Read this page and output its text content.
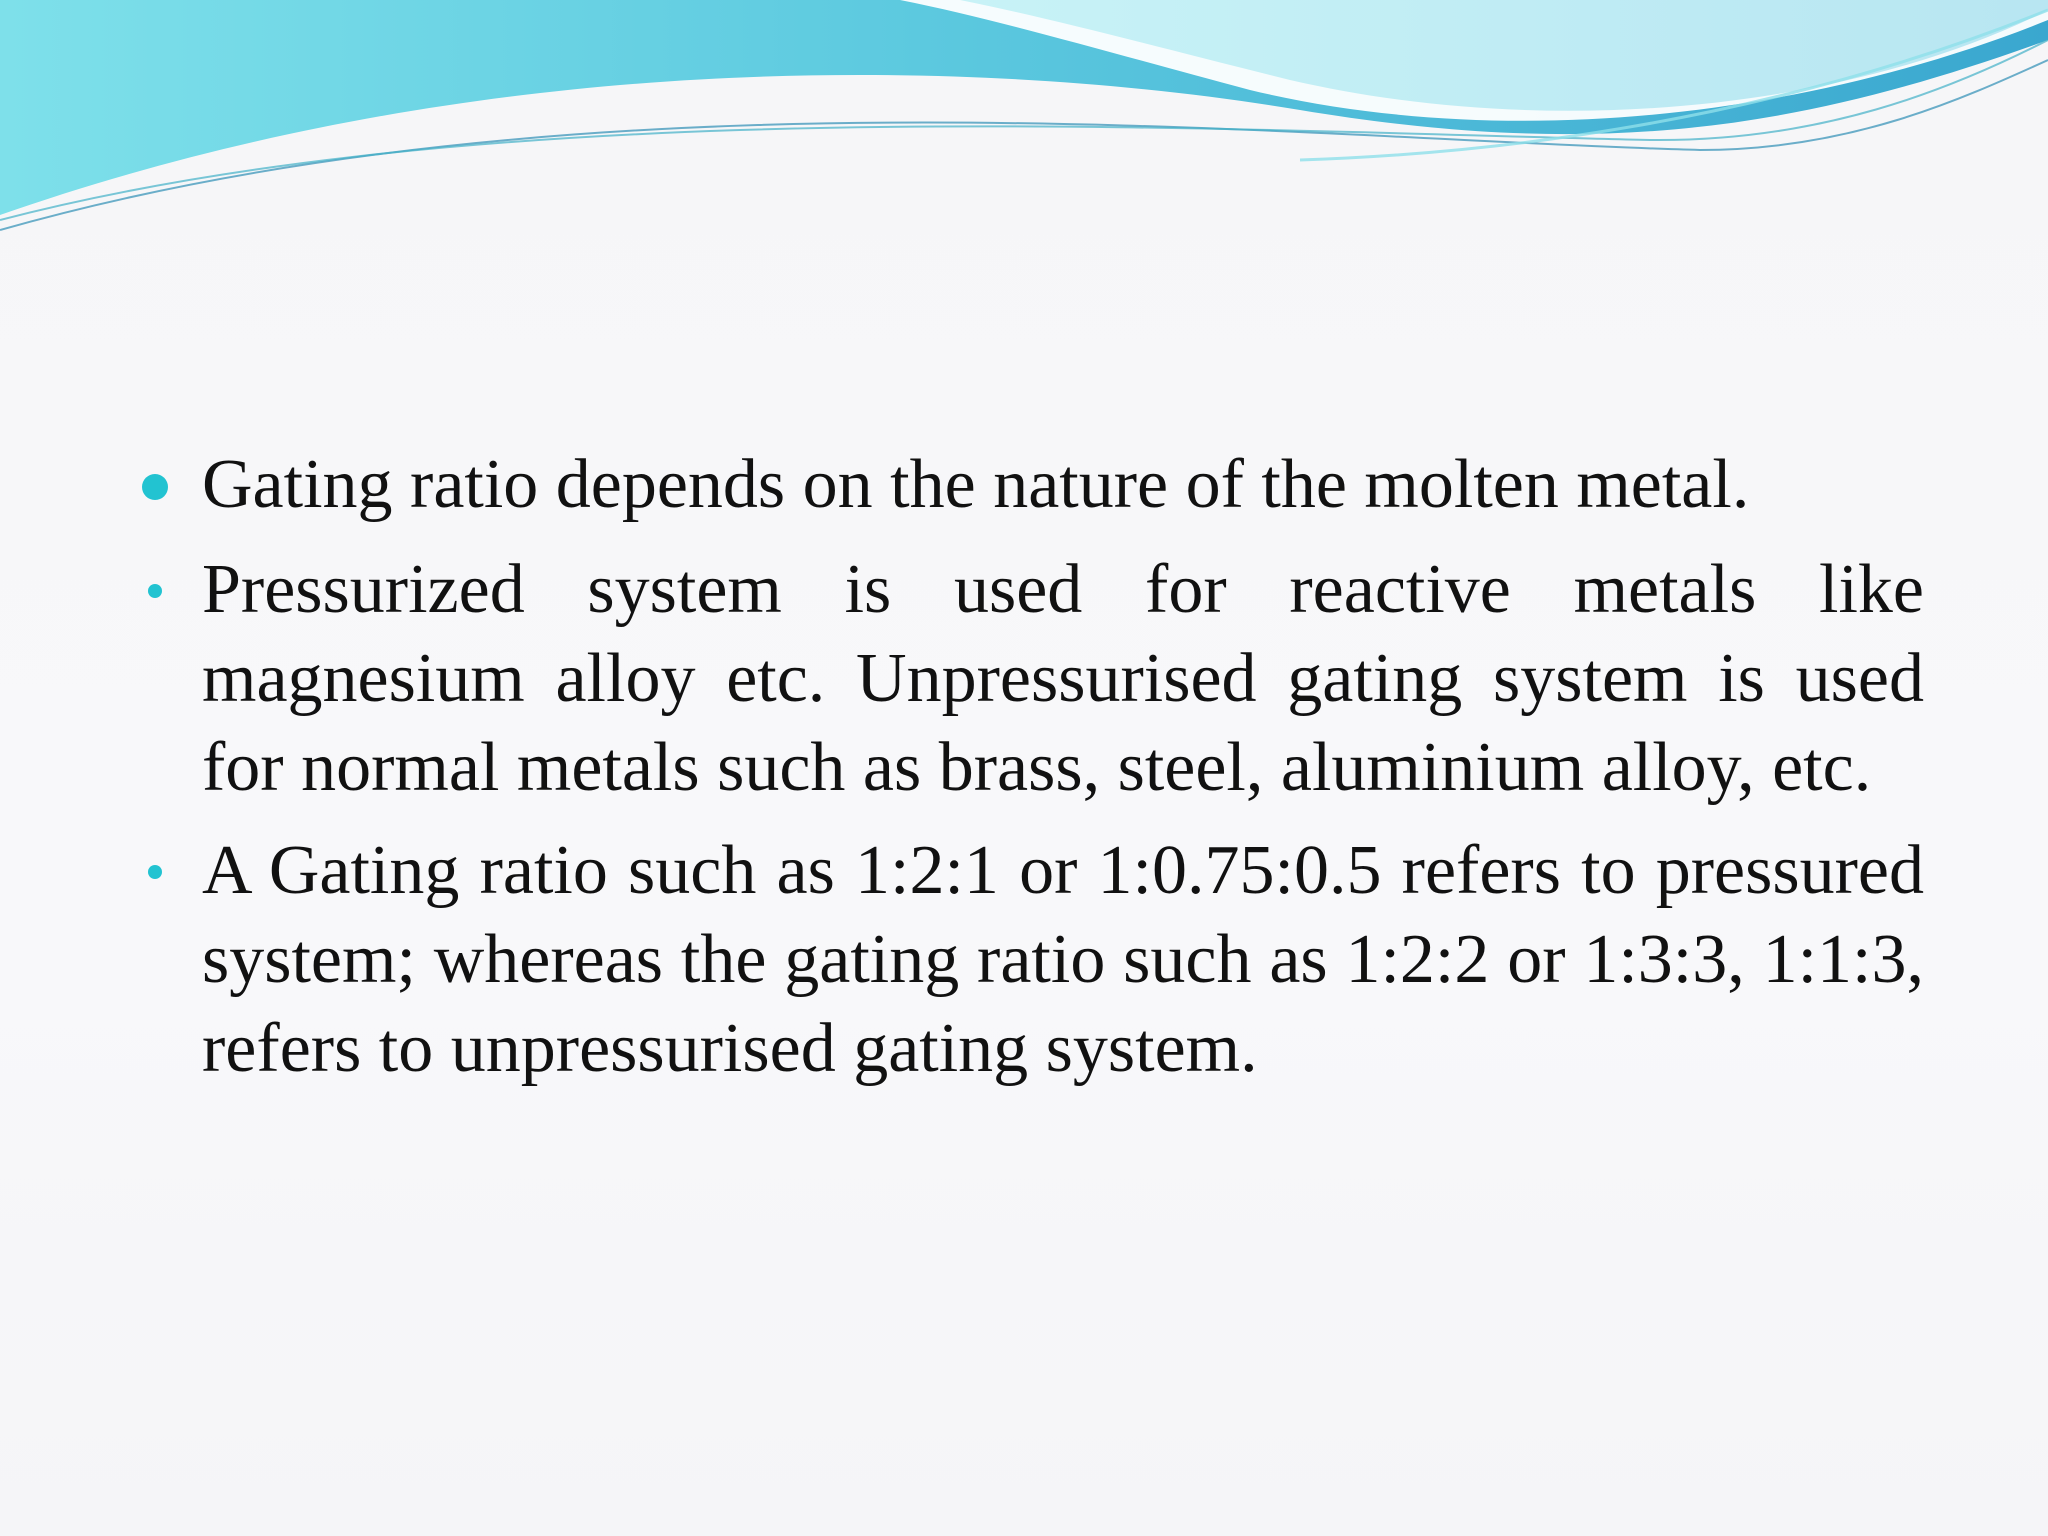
Gating ratio depends on the nature of the molten metal.
Pressurized system is used for reactive metals like magnesium alloy etc. Unpressurised gating system is used for normal metals such as brass, steel, aluminium alloy, etc.
A Gating ratio such as 1:2:1 or 1:0.75:0.5 refers to pressured system; whereas the gating ratio such as 1:2:2 or 1:3:3, 1:1:3, refers to unpressurised gating system.
